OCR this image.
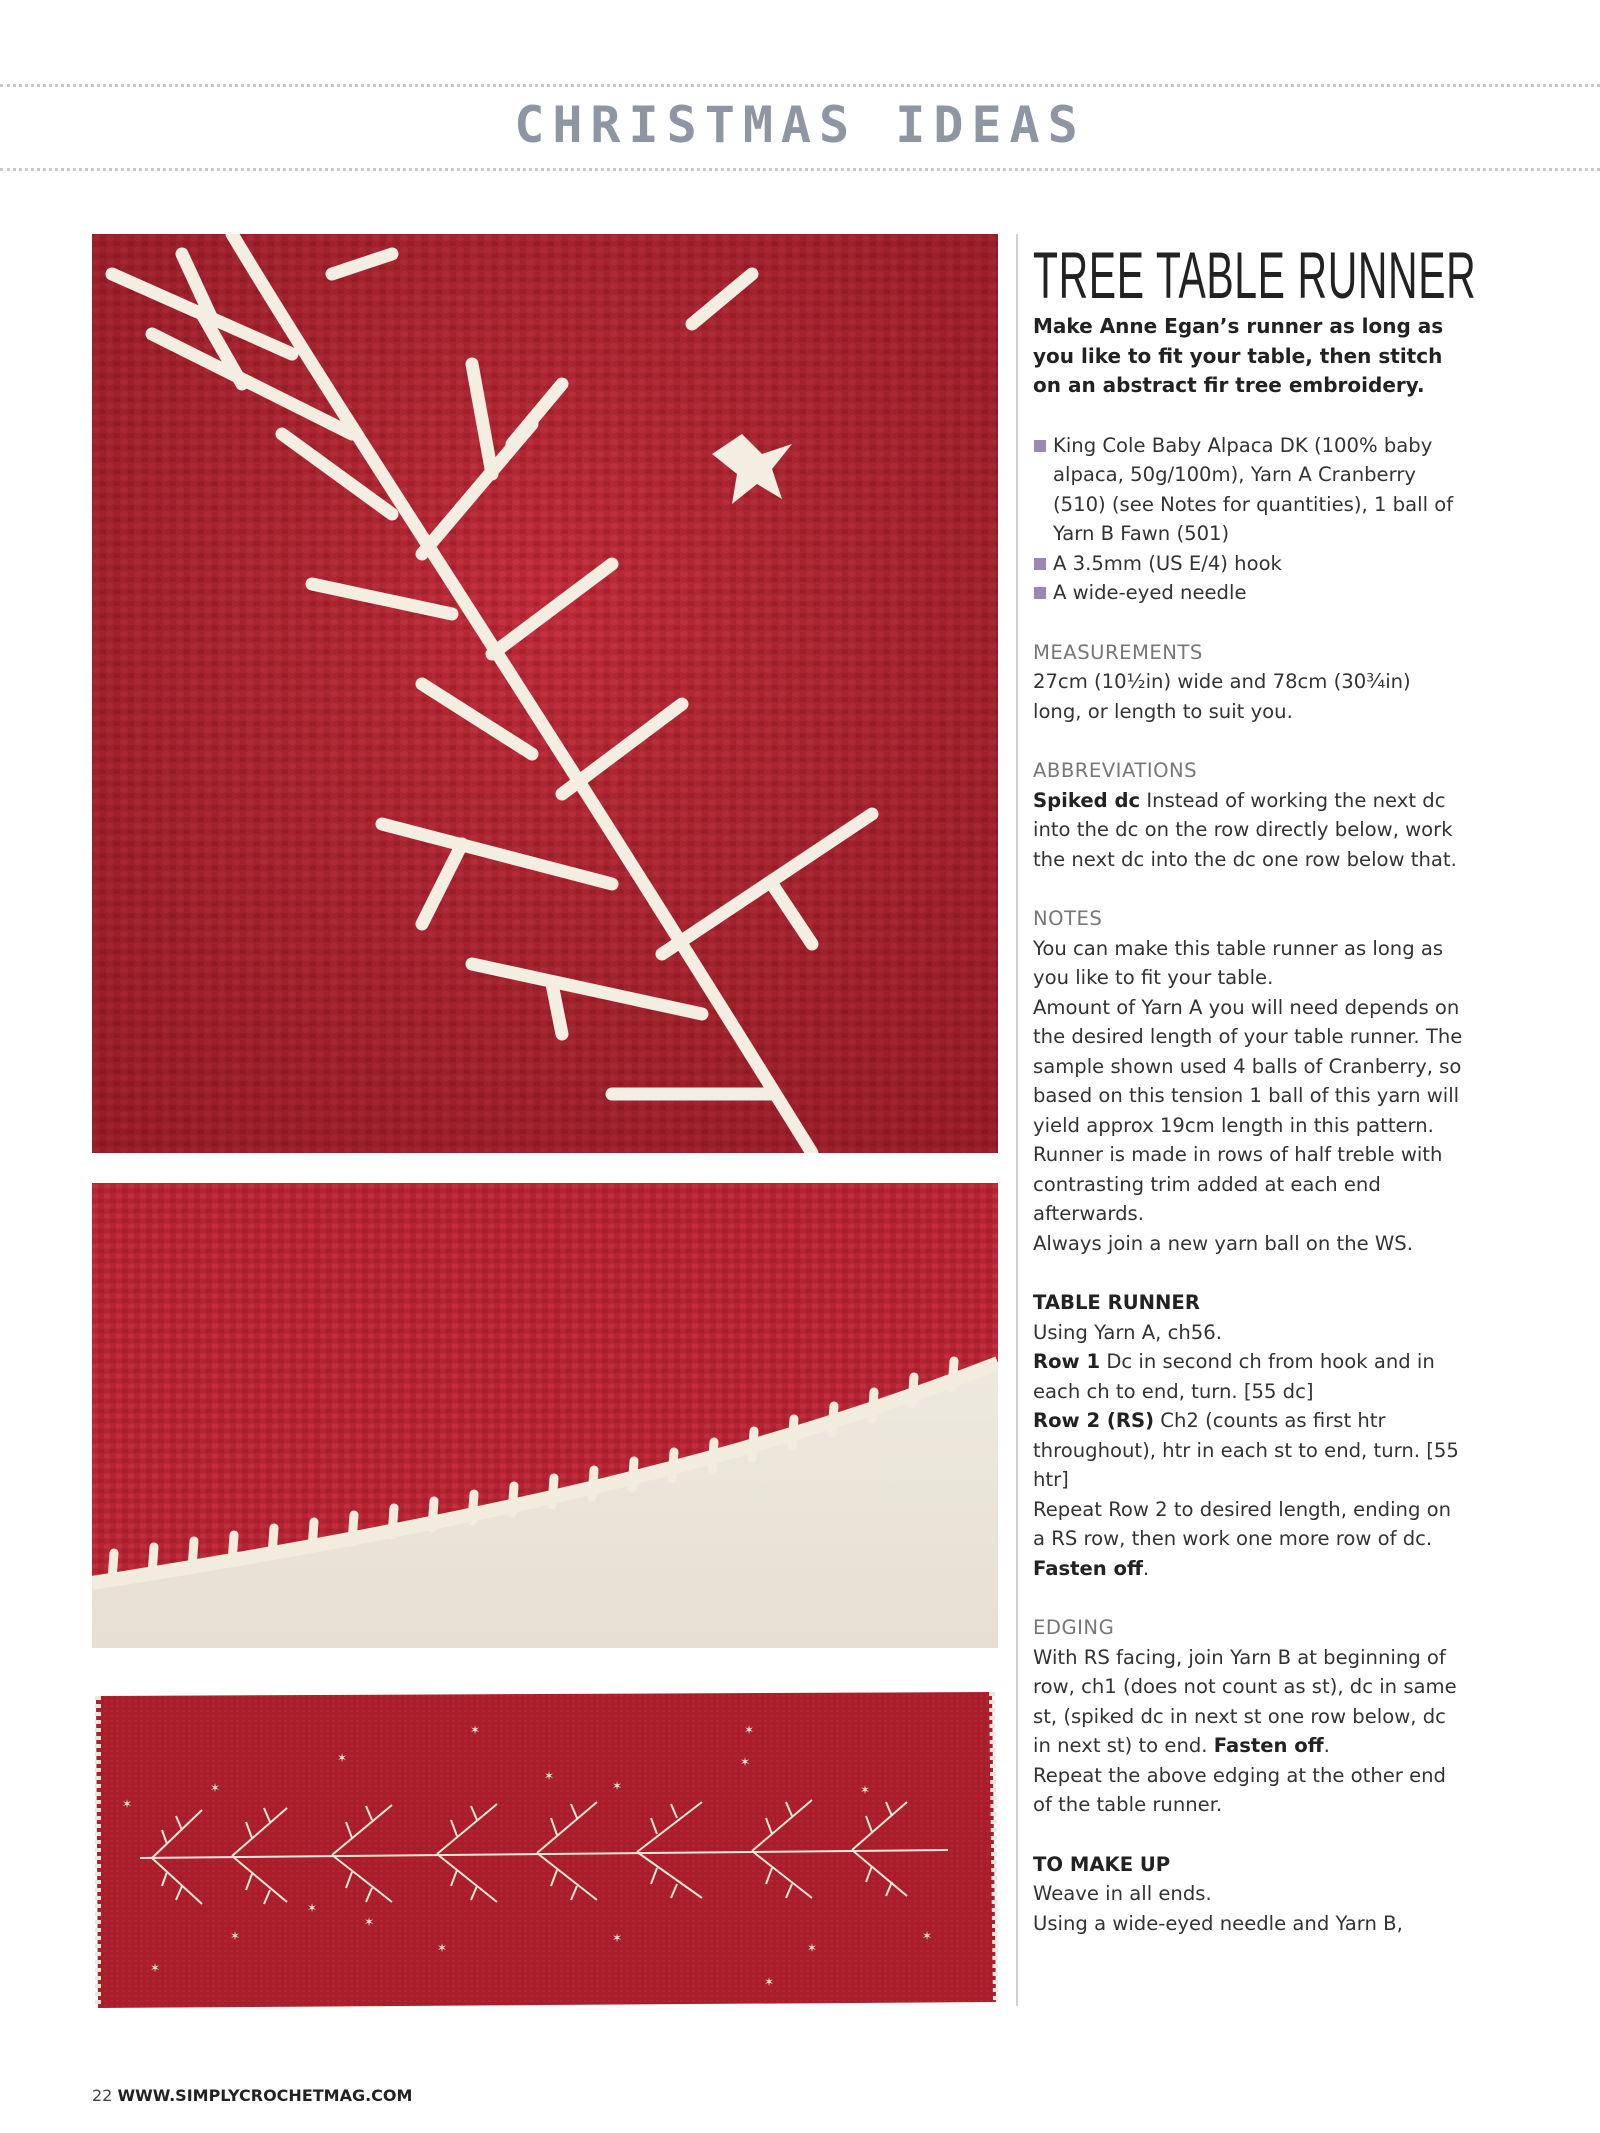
CHRISTMAS IDEAS
✶	✶
✶
✶
✶
✶
✶	✶	✶
✶
✶
✶
✶
✶
✶
✶
✶	✶
TREE TABLE RUNNER

Make Anne Egan’s runner as long as you like to fit your table, then stitch on an abstract fir tree embroidery.

King Cole Baby Alpaca DK (100% baby alpaca, 50g/100m), Yarn A Cranberry (510) (see Notes for quantities), 1 ball of Yarn B Fawn (501)
A 3.5mm (US E/4) hook
A wide-eyed needle
MEASUREMENTS

27cm (10½in) wide and 78cm (30¾in) long, or length to suit you.

ABBREVIATIONS

Spiked dc Instead of working the next dc into the dc on the row directly below, work the next dc into the dc one row below that.

NOTES

You can make this table runner as long as you like to fit your table.

Amount of Yarn A you will need depends on the desired length of your table runner. The sample shown used 4 balls of Cranberry, so based on this tension 1 ball of this yarn will yield approx 19cm length in this pattern.

Runner is made in rows of half treble with contrasting trim added at each end afterwards.

Always join a new yarn ball on the WS.

TABLE RUNNER

Using Yarn A, ch56.

Row 1 Dc in second ch from hook and in each ch to end, turn. [55 dc]

Row 2 (RS) Ch2 (counts as first htr throughout), htr in each st to end, turn. [55 htr]

Repeat Row 2 to desired length, ending on a RS row, then work one more row of dc. Fasten off.

EDGING

With RS facing, join Yarn B at beginning of row, ch1 (does not count as st), dc in same st, (spiked dc in next st one row below, dc in next st) to end. Fasten off.

Repeat the above edging at the other end of the table runner.

TO MAKE UP

Weave in all ends.

Using a wide-eyed needle and Yarn B,

22 WWW.SIMPLYCROCHETMAG.COM
